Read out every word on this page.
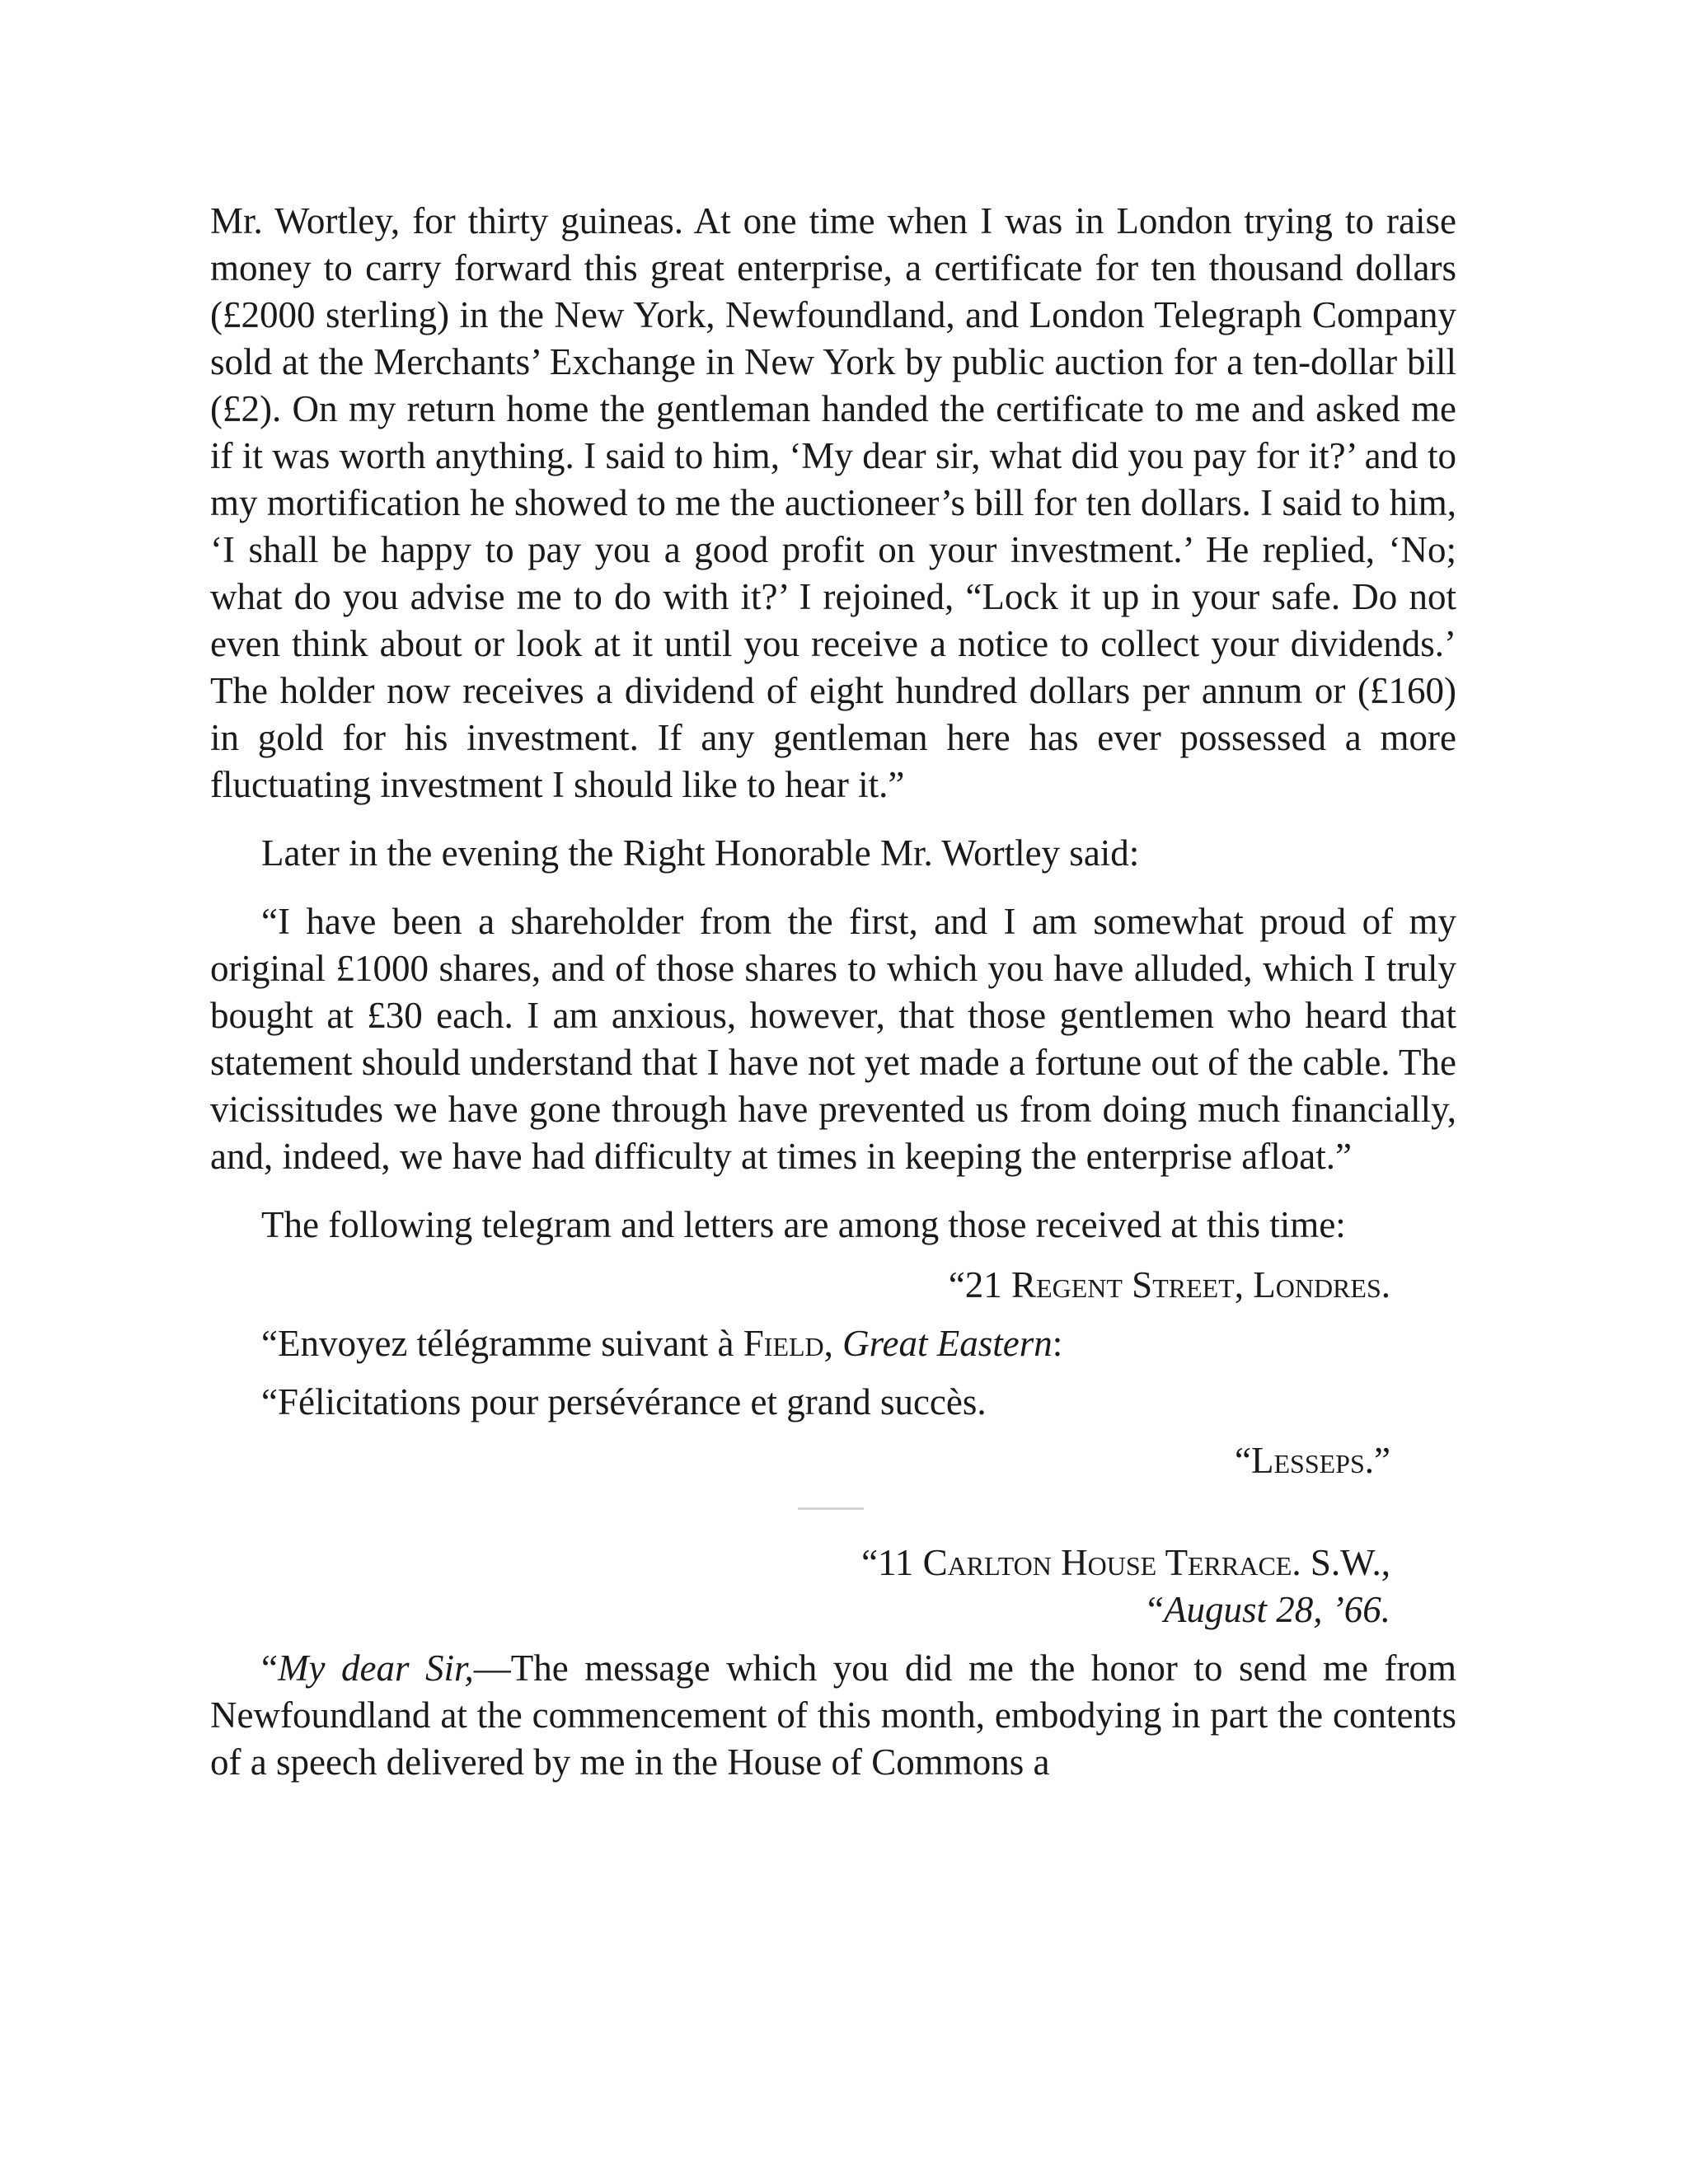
Mr. Wortley, for thirty guineas. At one time when I was in London trying to raise money to carry forward this great enterprise, a certificate for ten thousand dollars (£2000 sterling) in the New York, Newfoundland, and London Telegraph Company sold at the Merchants’ Exchange in New York by public auction for a ten-dollar bill (£2). On my return home the gentleman handed the certificate to me and asked me if it was worth anything. I said to him, ‘My dear sir, what did you pay for it?’ and to my mortification he showed to me the auctioneer’s bill for ten dollars. I said to him, ‘I shall be happy to pay you a good profit on your investment.’ He replied, ‘No; what do you advise me to do with it?’ I rejoined, “Lock it up in your safe. Do not even think about or look at it until you receive a notice to collect your dividends.’ The holder now receives a dividend of eight hundred dollars per annum or (£160) in gold for his investment. If any gentleman here has ever possessed a more fluctuating investment I should like to hear it.”

Later in the evening the Right Honorable Mr. Wortley said:

“I have been a shareholder from the first, and I am somewhat proud of my original £1000 shares, and of those shares to which you have alluded, which I truly bought at £30 each. I am anxious, however, that those gentlemen who heard that statement should understand that I have not yet made a fortune out of the cable. The vicissitudes we have gone through have prevented us from doing much financially, and, indeed, we have had difficulty at times in keeping the enterprise afloat.”

The following telegram and letters are among those received at this time:

“21 Regent Street, Londres.

“Envoyez télégramme suivant à Field, Great Eastern:

“Félicitations pour persévérance et grand succès.

“Lesseps.”

“11 Carlton House Terrace. S.W.,

“August 28, ’66.

“My dear Sir,—The message which you did me the honor to send me from Newfoundland at the commencement of this month, embodying in part the contents of a speech delivered by me in the House of Commons a
